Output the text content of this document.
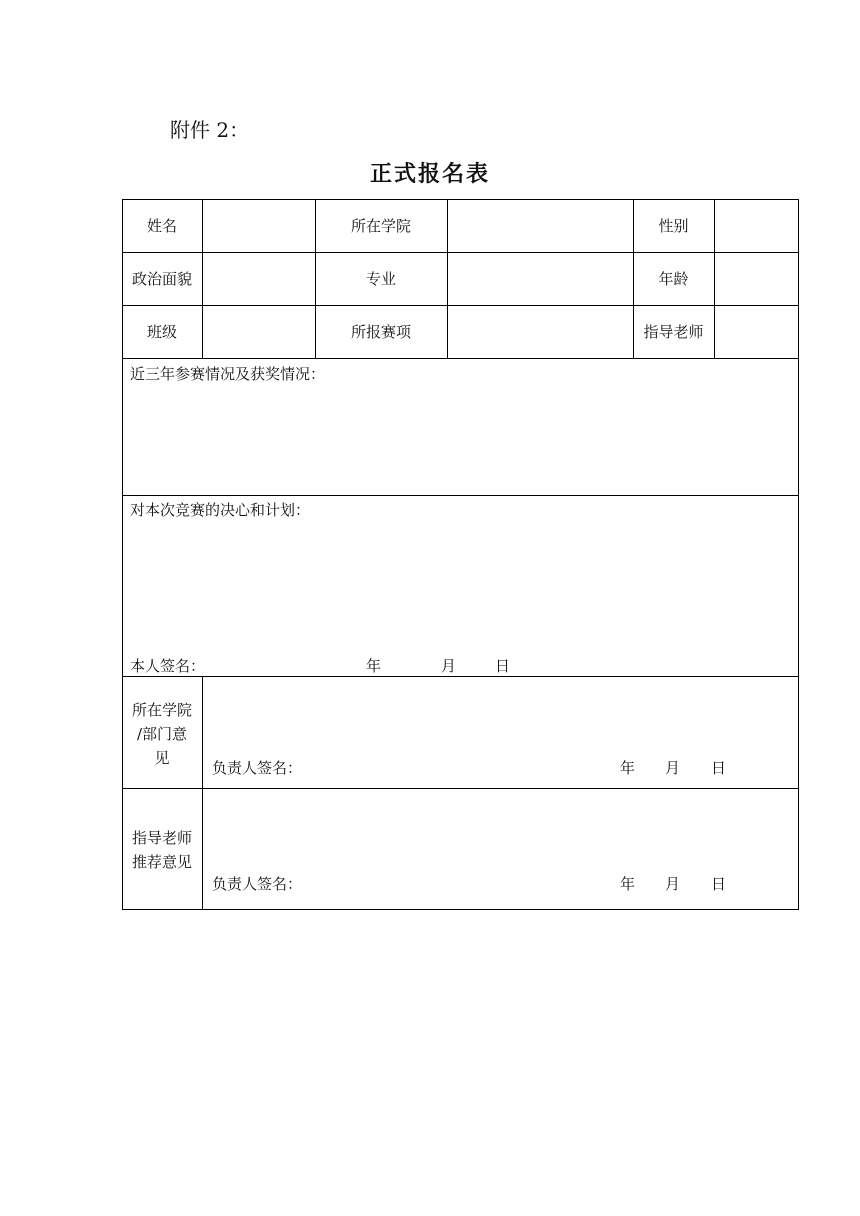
附件 2：
正式报名表
姓名	所在学院	性别
政治面貌	专业	年龄
班级	所报赛项	指导老师
近三年参赛情况及获奖情况：
对本次竞赛的决心和计划：
本人签名：	年	月	日
所在学院
/部门意
见
负责人签名：	年 月 日
指导老师
推荐意见
负责人签名：	年 月 日
